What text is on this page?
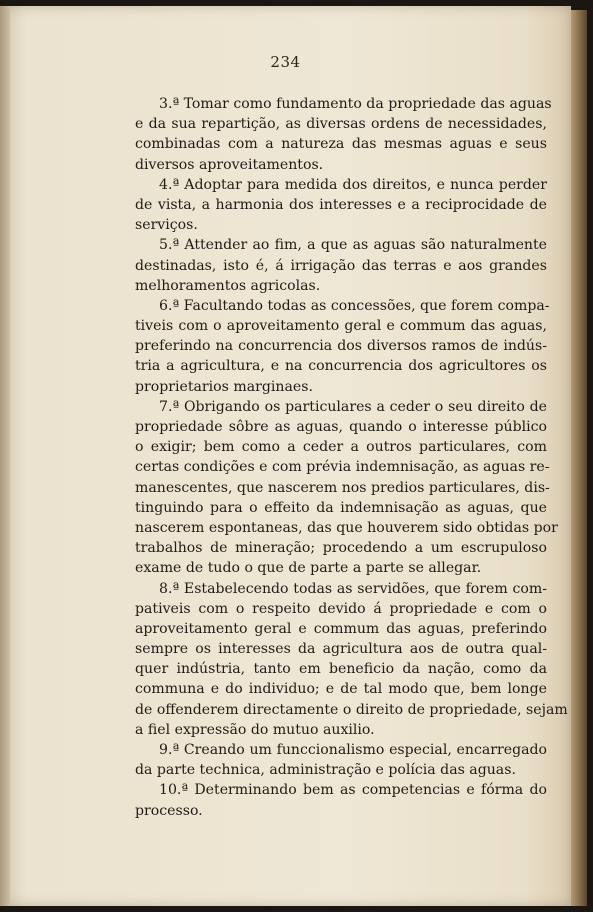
234
3.ª Tomar como fundamento da propriedade das aguas
e da sua repartição, as diversas ordens de necessidades,
combinadas com a natureza das mesmas aguas e seus
diversos aproveitamentos.
4.ª Adoptar para medida dos direitos, e nunca perder
de vista, a harmonia dos interesses e a reciprocidade de
serviços.
5.ª Attender ao fim, a que as aguas são naturalmente
destinadas, isto é, á irrigação das terras e aos grandes
melhoramentos agricolas.
6.ª Facultando todas as concessões, que forem compa-
tiveis com o aproveitamento geral e commum das aguas,
preferindo na concurrencia dos diversos ramos de indús-
tria a agricultura, e na concurrencia dos agricultores os
proprietarios marginaes.
7.ª Obrigando os particulares a ceder o seu direito de
propriedade sôbre as aguas, quando o interesse público
o exigir; bem como a ceder a outros particulares, com
certas condições e com prévia indemnisação, as aguas re-
manescentes, que nascerem nos predios particulares, dis-
tinguindo para o effeito da indemnisação as aguas, que
nascerem espontaneas, das que houverem sido obtidas por
trabalhos de mineração; procedendo a um escrupuloso
exame de tudo o que de parte a parte se allegar.
8.ª Estabelecendo todas as servidões, que forem com-
pativeis com o respeito devido á propriedade e com o
aproveitamento geral e commum das aguas, preferindo
sempre os interesses da agricultura aos de outra qual-
quer indústria, tanto em beneficio da nação, como da
communa e do individuo; e de tal modo que, bem longe
de offenderem directamente o direito de propriedade, sejam
a fiel expressão do mutuo auxilio.
9.ª Creando um funccionalismo especial, encarregado
da parte technica, administração e polícia das aguas.
10.ª Determinando bem as competencias e fórma do
processo.
